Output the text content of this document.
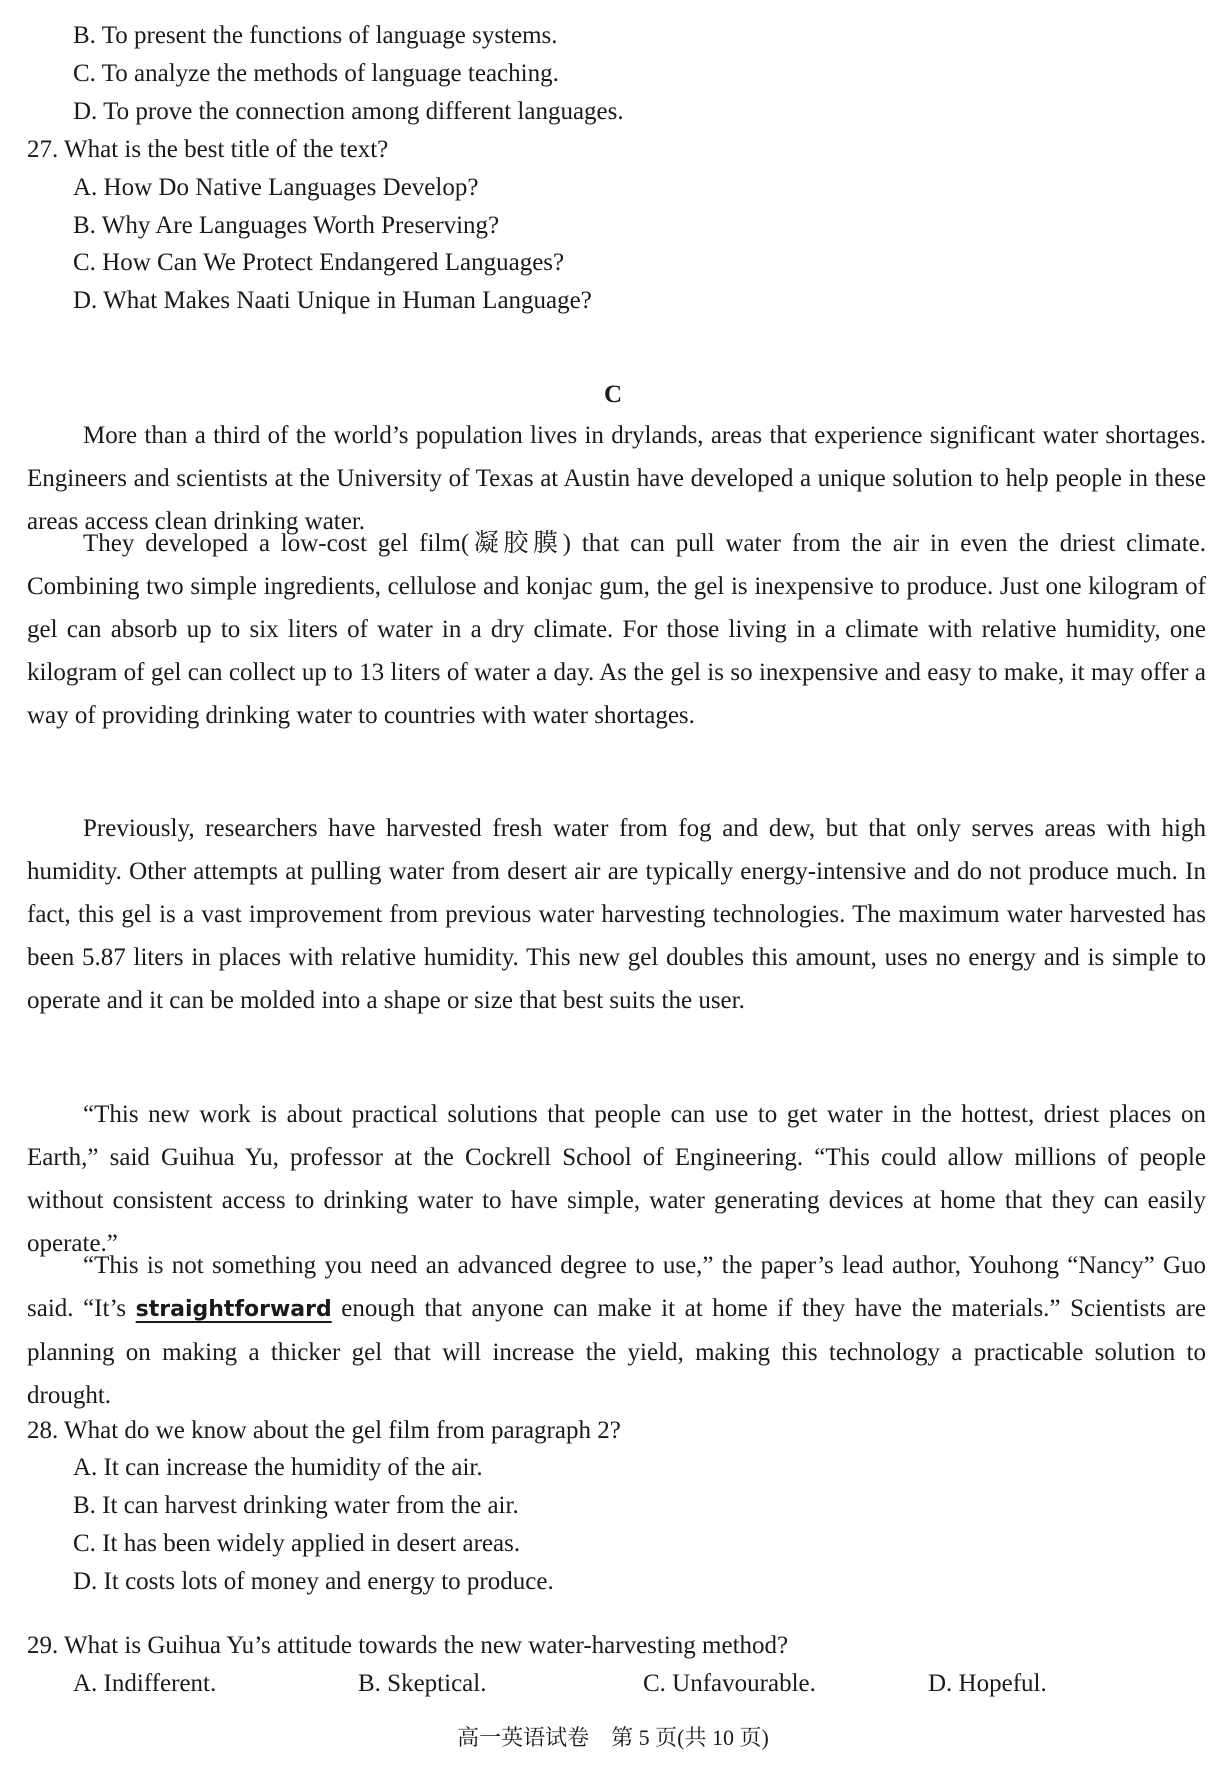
B. To present the functions of language systems.
C. To analyze the methods of language teaching.
D. To prove the connection among different languages.
27. What is the best title of the text?
A. How Do Native Languages Develop?
B. Why Are Languages Worth Preserving?
C. How Can We Protect Endangered Languages?
D. What Makes Naati Unique in Human Language?
C

More than a third of the world’s population lives in drylands, areas that experience significant water shortages. Engineers and scientists at the University of Texas at Austin have developed a unique solution to help people in these areas access clean drinking water.

They developed a low-cost gel film(凝胶膜) that can pull water from the air in even the driest climate. Combining two simple ingredients, cellulose and konjac gum, the gel is inexpensive to produce. Just one kilogram of gel can absorb up to six liters of water in a dry climate. For those living in a climate with relative humidity, one kilogram of gel can collect up to 13 liters of water a day. As the gel is so inexpensive and easy to make, it may offer a way of providing drinking water to countries with water shortages.

Previously, researchers have harvested fresh water from fog and dew, but that only serves areas with high humidity. Other attempts at pulling water from desert air are typically energy-intensive and do not produce much. In fact, this gel is a vast improvement from previous water harvesting technologies. The maximum water harvested has been 5.87 liters in places with relative humidity. This new gel doubles this amount, uses no energy and is simple to operate and it can be molded into a shape or size that best suits the user.

“This new work is about practical solutions that people can use to get water in the hottest, driest places on Earth,” said Guihua Yu, professor at the Cockrell School of Engineering. “This could allow millions of people without consistent access to drinking water to have simple, water generating devices at home that they can easily operate.”

“This is not something you need an advanced degree to use,” the paper’s lead author, Youhong “Nancy” Guo said. “It’s straightforward enough that anyone can make it at home if they have the materials.” Scientists are planning on making a thicker gel that will increase the yield, making this technology a practicable solution to drought.

28. What do we know about the gel film from paragraph 2?
A. It can increase the humidity of the air.
B. It can harvest drinking water from the air.
C. It has been widely applied in desert areas.
D. It costs lots of money and energy to produce.
29. What is Guihua Yu’s attitude towards the new water-harvesting method?
A. Indifferent.	B. Skeptical.	C. Unfavourable.	D. Hopeful.
高一英语试卷　第 5 页(共 10 页)
